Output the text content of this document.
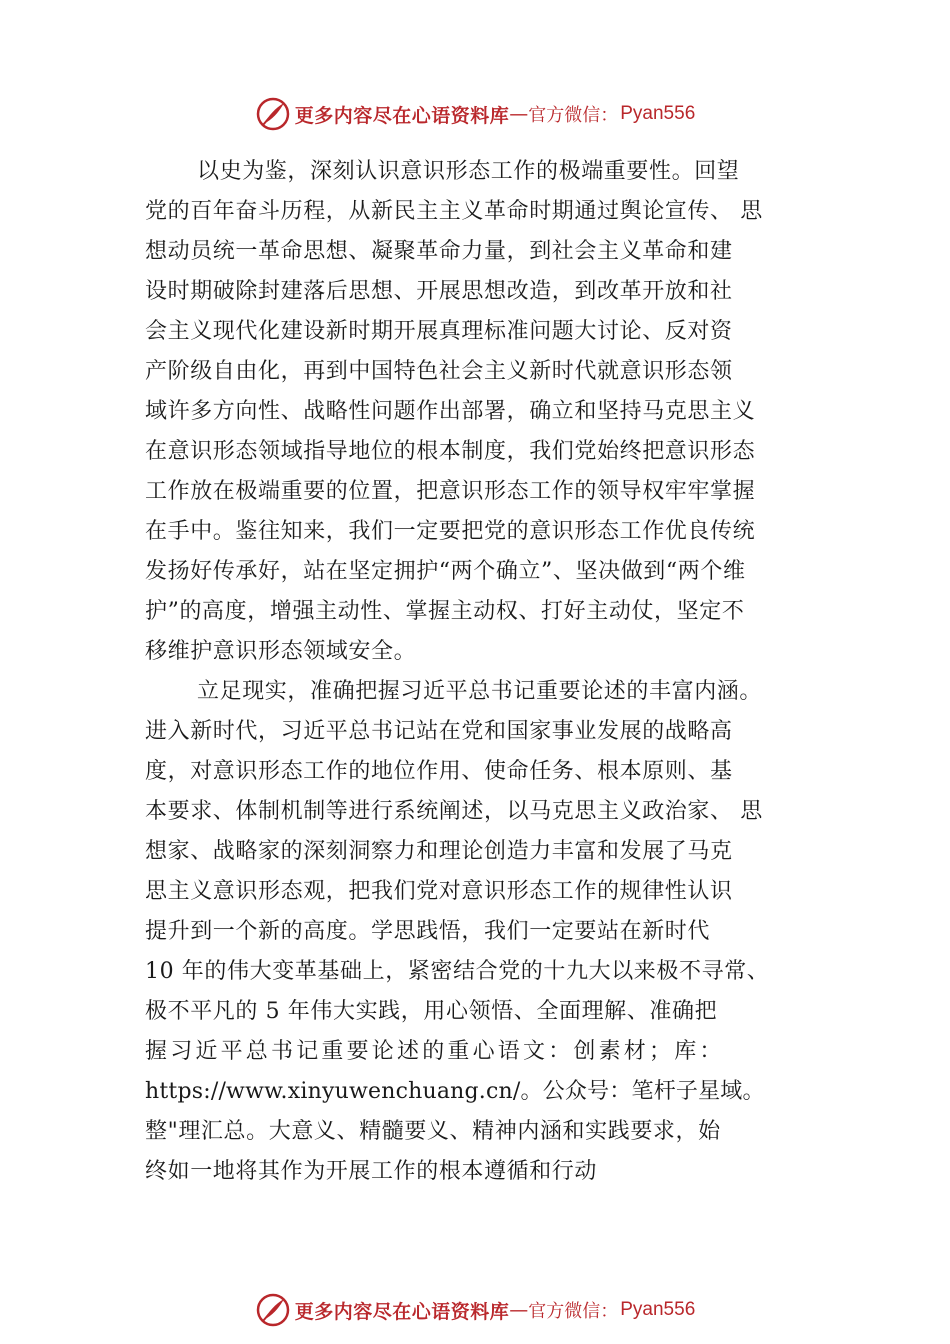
更多内容尽在心语资料库 — 官方微信： Pyan556
以史为鉴，深刻认识意识形态工作的极端重要性。回望
党的百年奋斗历程，从新民主主义革命时期通过舆论宣传、 思
想动员统一革命思想、凝聚革命力量，到社会主义革命和建
设时期破除封建落后思想、开展思想改造，到改革开放和社
会主义现代化建设新时期开展真理标准问题大讨论、反对资
产阶级自由化，再到中国特色社会主义新时代就意识形态领
域许多方向性、战略性问题作出部署，确立和坚持马克思主义
在意识形态领域指导地位的根本制度，我们党始终把意识形态
工作放在极端重要的位置，把意识形态工作的领导权牢牢掌握
在手中。鉴往知来，我们一定要把党的意识形态工作优良传统
发扬好传承好，站在坚定拥护“两个确立”、坚决做到“两个维
护”的高度，增强主动性、掌握主动权、打好主动仗，坚定不
移维护意识形态领域安全。
立足现实，准确把握习近平总书记重要论述的丰富内涵。
进入新时代，习近平总书记站在党和国家事业发展的战略高
度，对意识形态工作的地位作用、使命任务、根本原则、基
本要求、体制机制等进行系统阐述，以马克思主义政治家、 思
想家、战略家的深刻洞察力和理论创造力丰富和发展了马克
思主义意识形态观，把我们党对意识形态工作的规律性认识
提升到一个新的高度。学思践悟，我们一定要站在新时代
10 年的伟大变革基础上，紧密结合党的十九大以来极不寻常、
极不平凡的 5 年伟大实践，用心领悟、全面理解、准确把
握习近平总书记重要论述的重心语文：创素材；库：
https://www.xinyuwenchuang.cn/。公众号：笔杆子星域。
整"理汇总。大意义、精髓要义、精神内涵和实践要求，始
终如一地将其作为开展工作的根本遵循和行动
更多内容尽在心语资料库 — 官方微信： Pyan556
